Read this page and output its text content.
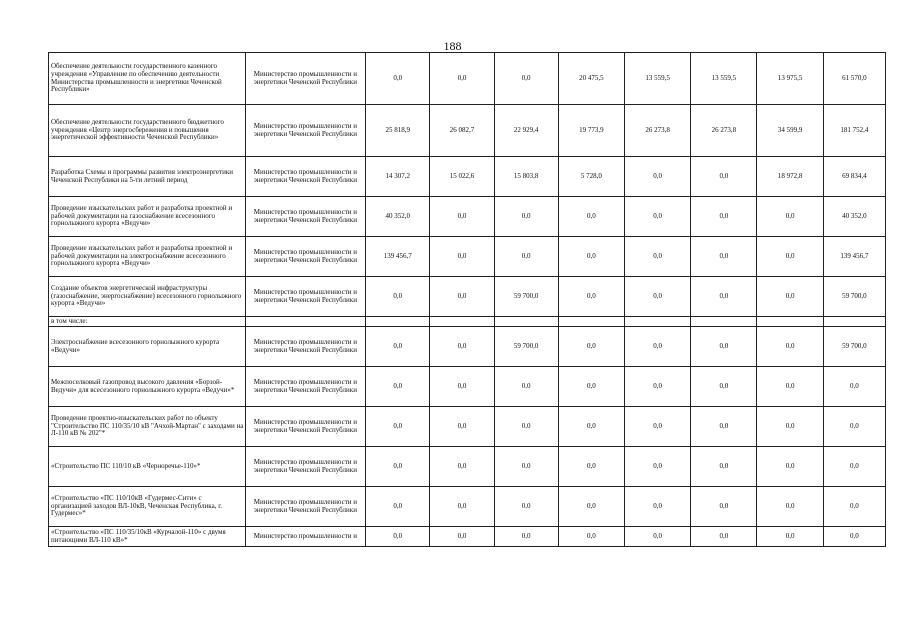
188
Обеспечение деятельности государственного казенного учреждения «Управление по обеспечению деятельности Министерства промышленности и энергетики Чеченской Республики»	Министерство промышленности и энергетики Чеченской Республики	0,0	0,0	0,0	20 475,5	13 559,5	13 559,5	13 975,5	61 570,0
Обеспечение деятельности государственного бюджетного учреждения «Центр энергосбережения и повышения энергетической эффективности Чеченской Республики»	Министерство промышленности и энергетики Чеченской Республики	25 818,9	26 082,7	22 929,4	19 773,9	26 273,8	26 273,8	34 599,9	181 752,4
Разработка Схемы и программы развития электроэнергетики Чеченской Республики на 5-ти летний период	Министерство промышленности и энергетики Чеченской Республики	14 307,2	15 022,6	15 803,8	5 728,0	0,0	0,0	18 972,8	69 834,4
Проведение изыскательских работ и разработка проектной и рабочей документации на газоснабжение всесезонного горнолыжного курорта «Ведучи»	Министерство промышленности и энергетики Чеченской Республики	40 352,0	0,0	0,0	0,0	0,0	0,0	0,0	40 352,0
Проведение изыскательских работ и разработка проектной и рабочей документации на электроснабжение всесезонного горнолыжного курорта «Ведучи»	Министерство промышленности и энергетики Чеченской Республики	139 456,7	0,0	0,0	0,0	0,0	0,0	0,0	139 456,7
Создание объектов энергетической инфраструктуры (газоснабжение, энергоснабжение) всесезонного горнолыжного курорта «Ведучи»	Министерство промышленности и энергетики Чеченской Республики	0,0	0,0	59 700,0	0,0	0,0	0,0	0,0	59 700,0
в том числе:									
Электроснабжение всесезонного горнолыжного курорта «Ведучи»	Министерство промышленности и энергетики Чеченской Республики	0,0	0,0	59 700,0	0,0	0,0	0,0	0,0	59 700,0
Межпоселковый газопровод высокого давления «Борзой-Ведучи» для всесезонного горнолыжного курорта «Ведучи»*	Министерство промышленности и энергетики Чеченской Республики	0,0	0,0	0,0	0,0	0,0	0,0	0,0	0,0
Проведение проектно-изыскательских работ по объекту "Строительство ПС 110/35/10 кВ "Ачхой-Мартан" с заходами на Л-110 кВ № 202"*	Министерство промышленности и энергетики Чеченской Республики	0,0	0,0	0,0	0,0	0,0	0,0	0,0	0,0
«Строительство ПС 110/10 кВ «Черноречье-110»*	Министерство промышленности и энергетики Чеченской Республики	0,0	0,0	0,0	0,0	0,0	0,0	0,0	0,0
«Строительство «ПС 110/10кВ «Гудермес-Сити» с организацией заходов ВЛ-10кВ, Чеченская Республика, г. Гудермес»*	Министерство промышленности и энергетики Чеченской Республики	0,0	0,0	0,0	0,0	0,0	0,0	0,0	0,0
«Строительство «ПС 110/35/10кВ «Курчалой-110» с двумя питающими ВЛ-110 кВ»*	Министерство промышленности и	0,0	0,0	0,0	0,0	0,0	0,0	0,0	0,0
